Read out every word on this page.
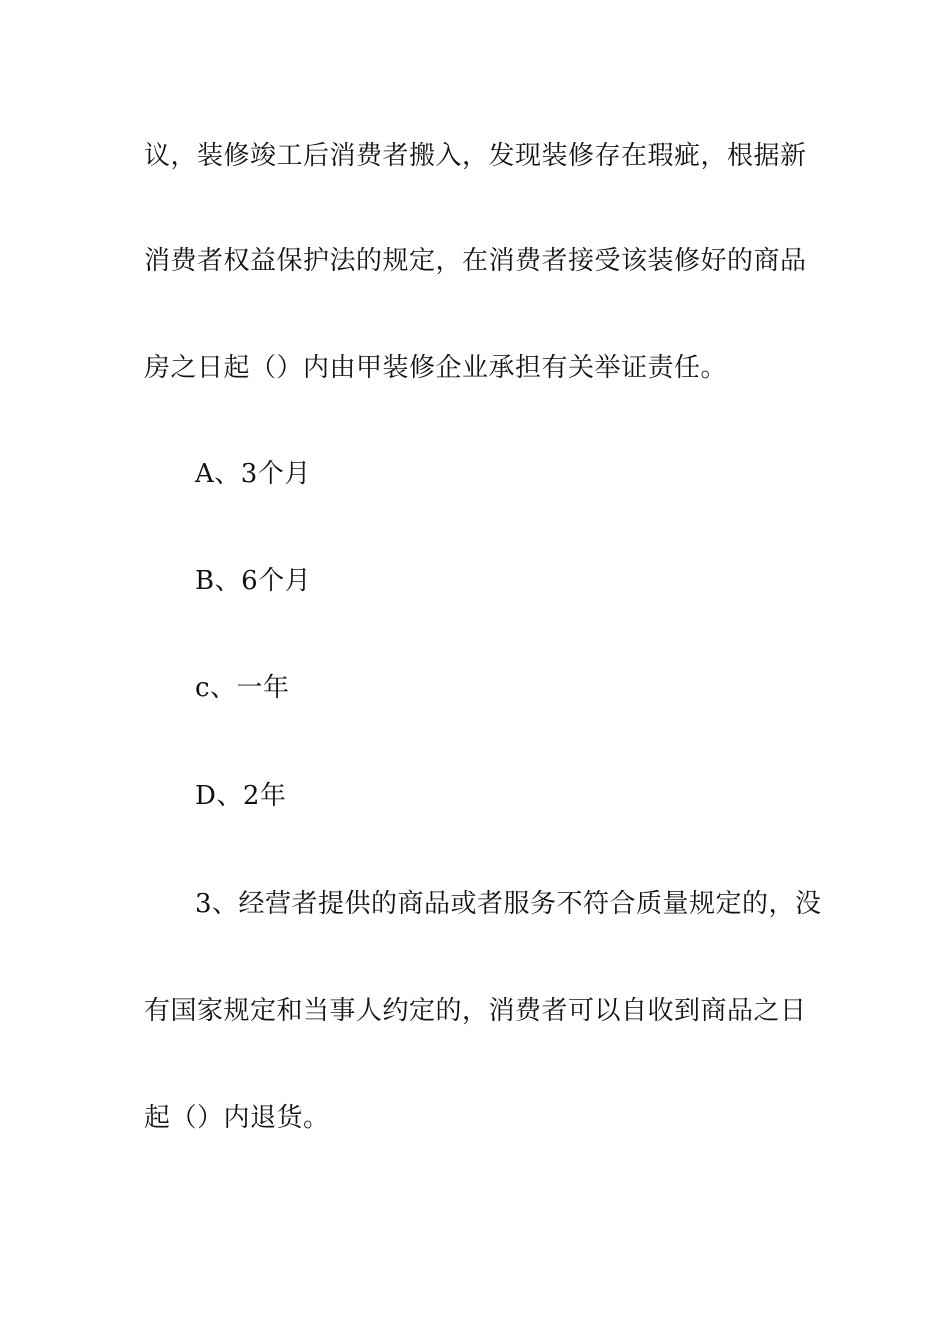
议，装修竣工后消费者搬入，发现装修存在瑕疵，根据新
消费者权益保护法的规定，在消费者接受该装修好的商品
房之日起（）内由甲装修企业承担有关举证责任。
A、3个月
B、6个月
c、一年
D、2年
3、经营者提供的商品或者服务不符合质量规定的，没
有国家规定和当事人约定的，消费者可以自收到商品之日
起（）内退货。
